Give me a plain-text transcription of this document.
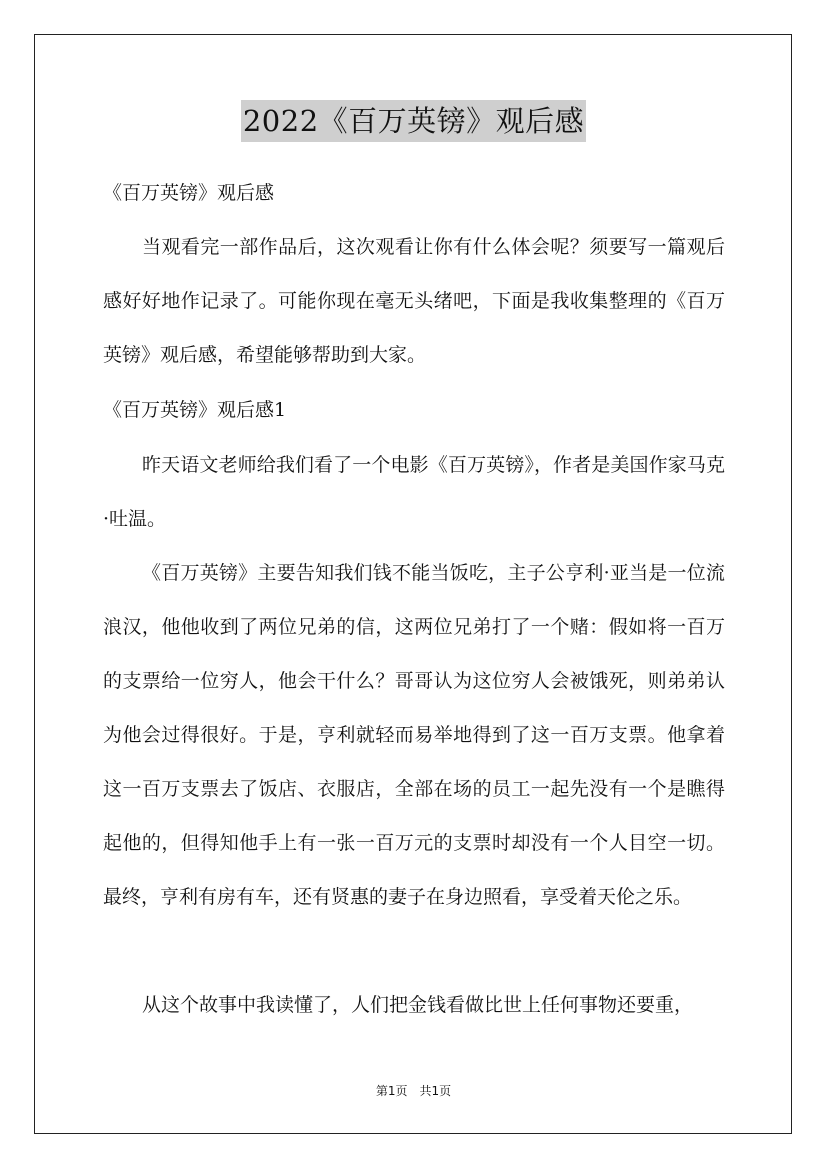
2022《百万英镑》观后感

《百万英镑》观后感

当观看完一部作品后，这次观看让你有什么体会呢？须要写一篇观后感好好地作记录了。可能你现在毫无头绪吧，下面是我收集整理的《百万英镑》观后感，希望能够帮助到大家。

《百万英镑》观后感1

昨天语文老师给我们看了一个电影《百万英镑》，作者是美国作家马克·吐温。

《百万英镑》主要告知我们钱不能当饭吃，主子公亨利·亚当是一位流浪汉，他他收到了两位兄弟的信，这两位兄弟打了一个赌：假如将一百万的支票给一位穷人，他会干什么？哥哥认为这位穷人会被饿死，则弟弟认为他会过得很好。于是，亨利就轻而易举地得到了这一百万支票。他拿着这一百万支票去了饭店、衣服店，全部在场的员工一起先没有一个是瞧得起他的，但得知他手上有一张一百万元的支票时却没有一个人目空一切。最终，亨利有房有车，还有贤惠的妻子在身边照看，享受着天伦之乐。

从这个故事中我读懂了，人们把金钱看做比世上任何事物还要重，

第1页　共1页
